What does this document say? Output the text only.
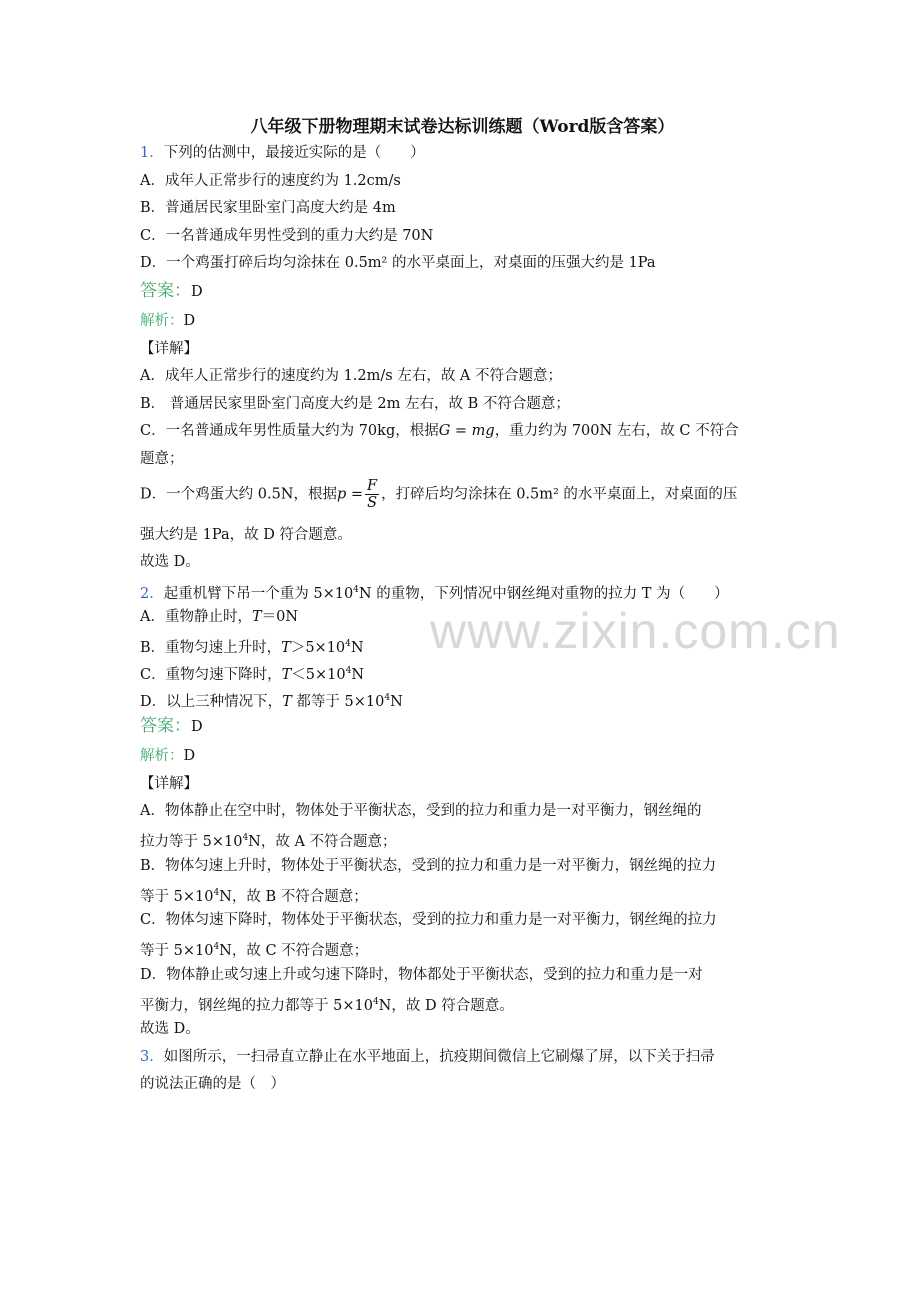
www.zixin.com.cn
八年级下册物理期末试卷达标训练题（Word版含答案）
1．下列的估测中，最接近实际的是（　　）
A．成年人正常步行的速度约为 1.2cm/s
B．普通居民家里卧室门高度大约是 4m
C．一名普通成年男性受到的重力大约是 70N
D．一个鸡蛋打碎后均匀涂抹在 0.5m² 的水平桌面上，对桌面的压强大约是 1Pa
答案：D
解析：D
【详解】
A．成年人正常步行的速度约为 1.2m/s 左右，故 A 不符合题意；
B． 普通居民家里卧室门高度大约是 2m 左右，故 B 不符合题意；
C．一名普通成年男性质量大约为 70kg，根据G = mg，重力约为 700N 左右，故 C 不符合
题意；
D．一个鸡蛋大约 0.5N，根据$p = \frac{F}{S}$ ，打碎后均匀涂抹在 0.5m² 的水平桌面上，对桌面的压
强大约是 1Pa，故 D 符合题意。
故选 D。
2．起重机臂下吊一个重为 $5\times 10^4N$ 的重物，下列情况中钢丝绳对重物的拉力 T 为（　　）
A．重物静止时，T＝0N
B．重物匀速上升时，$T>5\times 10^4N$
C．重物匀速下降时，$T<5\times 10^4N$
D．以上三种情况下，T 都等于 $5\times 10^4N$
答案：D
解析：D
【详解】
A．物体静止在空中时，物体处于平衡状态，受到的拉力和重力是一对平衡力，钢丝绳的
拉力等于 $5\times 10^4N$，故 A 不符合题意；
B．物体匀速上升时，物体处于平衡状态，受到的拉力和重力是一对平衡力，钢丝绳的拉力
等于 $5\times 10^4N$，故 B 不符合题意；
C．物体匀速下降时，物体处于平衡状态，受到的拉力和重力是一对平衡力，钢丝绳的拉力
等于 $5\times 10^4N$，故 C 不符合题意；
D．物体静止或匀速上升或匀速下降时，物体都处于平衡状态，受到的拉力和重力是一对
平衡力，钢丝绳的拉力都等于 $5\times 10^4N$，故 D 符合题意。
故选 D。
3．如图所示，一扫帚直立静止在水平地面上，抗疫期间微信上它刷爆了屏，以下关于扫帚
的说法正确的是（　）
